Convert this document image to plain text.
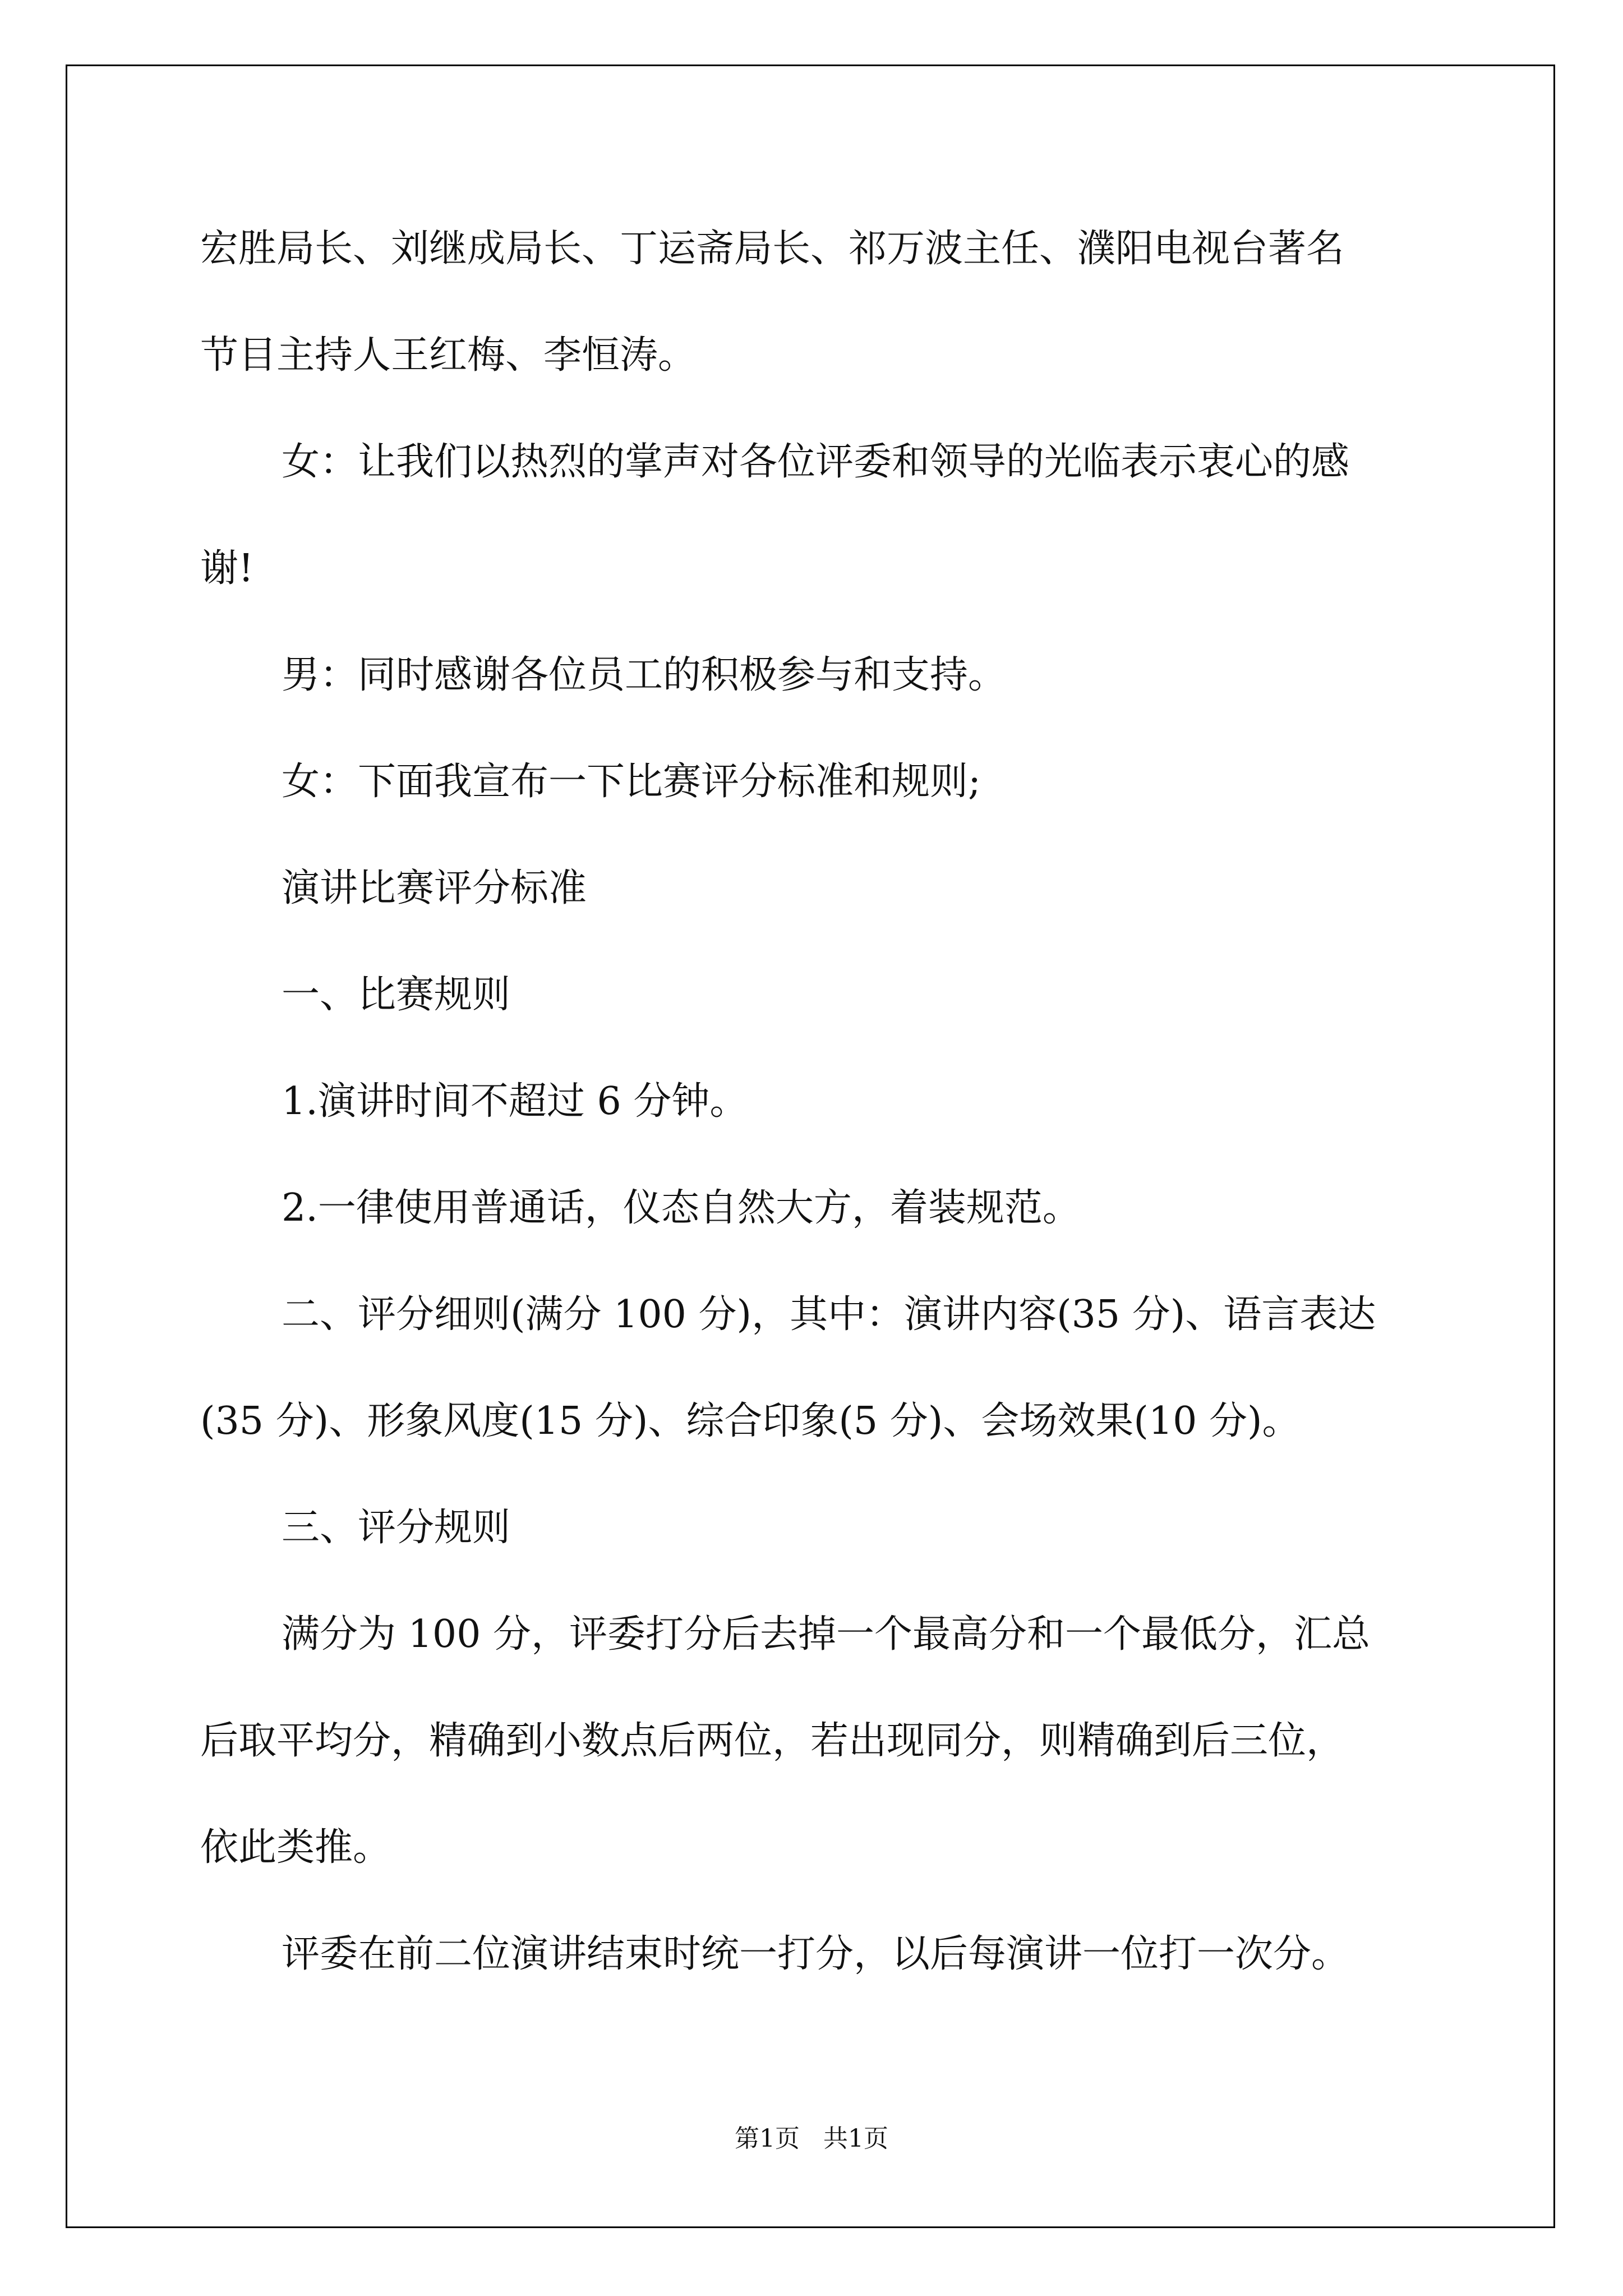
宏胜局长、刘继成局长、丁运斋局长、祁万波主任、濮阳电视台著名

节目主持人王红梅、李恒涛。

女：让我们以热烈的掌声对各位评委和领导的光临表示衷心的感

谢!

男：同时感谢各位员工的积极参与和支持。

女：下面我宣布一下比赛评分标准和规则;

演讲比赛评分标准

一、比赛规则

1.演讲时间不超过 6 分钟。

2.一律使用普通话，仪态自然大方，着装规范。

二、评分细则(满分 100 分)，其中：演讲内容(35 分)、语言表达

(35 分)、形象风度(15 分)、综合印象(5 分)、会场效果(10 分)。

三、评分规则

满分为 100 分，评委打分后去掉一个最高分和一个最低分，汇总

后取平均分，精确到小数点后两位，若出现同分，则精确到后三位，

依此类推。

评委在前二位演讲结束时统一打分，以后每演讲一位打一次分。

第1页   共1页
